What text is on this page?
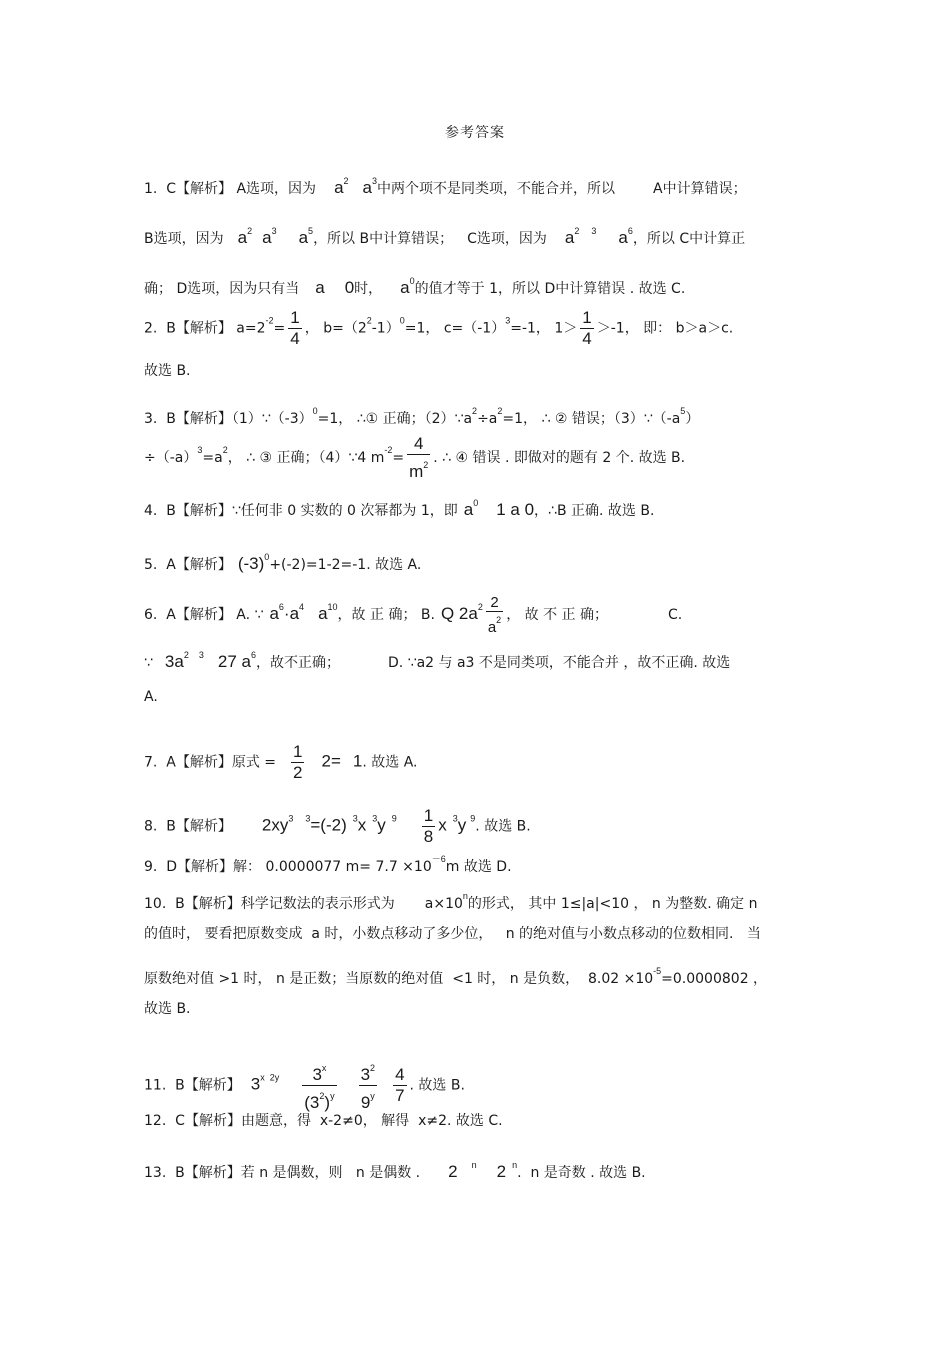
参考答案
1.  C【解析】 A选项，因为 $a^2$ $a^3$中两个项不是同类项，不能合并，所以	A中计算错误；
B选项，因为 $a^2$ $a^3$ $a^5$，所以 B中计算错误； C选项，因为 $a^2$ $^3$ $a^6$，所以 C中计算正
确； D选项，因为只有当 a 0时， $a^0$的值才等于 1，所以 D中计算错误 . 故选 C.
2.  B【解析】 $a=2^{-2}= \frac{1}{4}$ ， $b=(2^2-1)^0=1$， $c=(-1)^3=-1$， $1> \frac{1}{4} >-1$， 即： b＞a＞c.
故选 B.
3.  B【解析】$(1)\because(-3)^0=1$， ∴① 正确；$(2)\because a^2\div a^2=1$， ∴ ② 错误；$(3)\because(-a^5)$
$\div(-a)^3=a^2$， ∴ ③ 正确；（4）∵4 $m^{-2}= \frac{4}{m^2}$ . ∴ ④ 错误 . 即做对的题有 2 个. 故选 B.
4.  B【解析】∵任何非 0 实数的 0 次幂都为 1，即 $a^0$ 1 a 0，∴B 正确. 故选 B.
5.  A【解析】 $(-3)^0+(-2)=1-2=-1$. 故选 A.
6.  A【解析】 A. ∵ $a^6\cdot a^4$ $a^{10}$，故 正 确； B. Q $2a^2 \frac{2}{a^2}$ ， 故 不 正 确；	C.
∵ $3a^2$ $^3$ 27 $a^6$，故不正确；	D. ∵a2 与 a3 不是同类项，不能合并 ，故不正确. 故选
A.
7.  A【解析】原式 = $\frac{1}{2} 2= 1$. 故选 A.
8.  B【解析】 $2xy^3$ $^3$=(-2) $^3$x $^3$y $^9 \frac{1}{8}$ x $^3$y $^9$. 故选 B.
9.  D【解析】解： 0.0000077 $m= 7.7 \times 10^{-6}m$ 故选 D.
10.  B【解析】科学记数法的表示形式为 $a\times 10^n$的形式， 其中 1≤|a|<10 ， n 为整数. 确定 n
的值时， 要看把原数变成  a 时，小数点移动了多少位，   n 的绝对值与小数点移动的位数相同.   当
原数绝对值 >1 时， n 是正数；当原数的绝对值  <1 时， n 是负数，  $8.02 \times 10^{-5}=0.0000802$ ，
故选 B.
11.  B【解析】 $3^{x 2y} \frac{3^x}{(3^2)^y} \frac{3^2}{9^y} \frac{4}{7}$ . 故选 B.
12.  C【解析】由题意，得  x-2≠0， 解得  x≠2. 故选 C.
13.  B【解析】若 n 是偶数，则   n 是偶数 . 2 $^n$ 2 $^n$.  n 是奇数 . 故选 B.
